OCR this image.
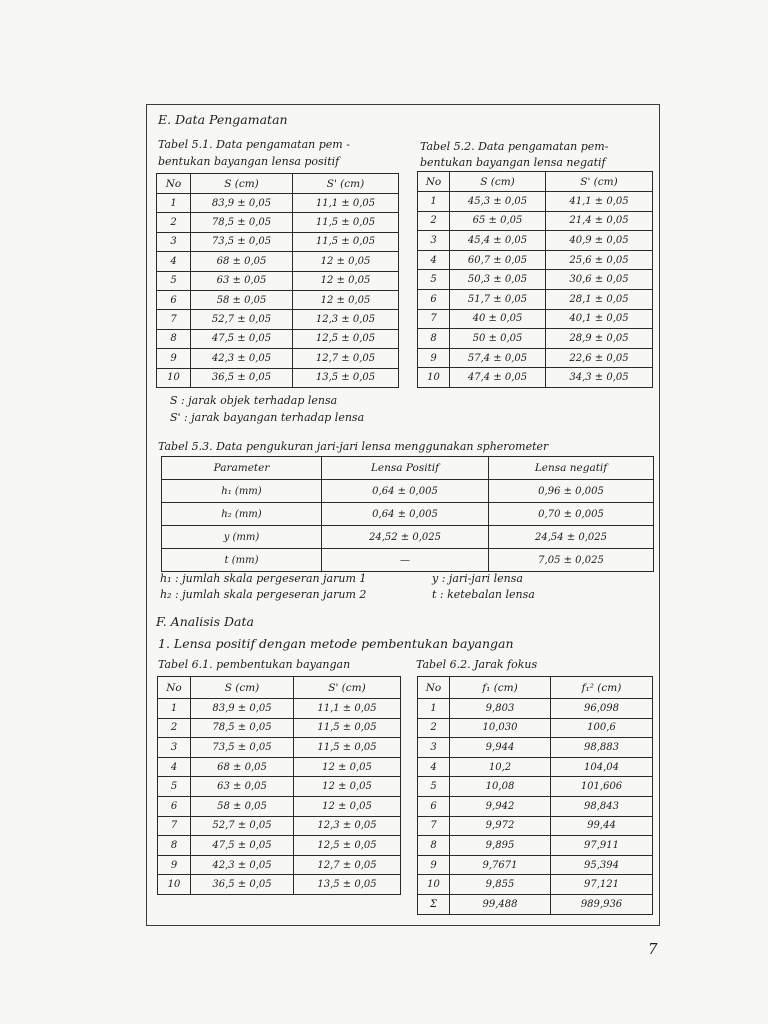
E. Data Pengamatan
Tabel 5.1. Data pengamatan pem -
bentukan bayangan lensa positif
Tabel 5.2. Data pengamatan pem-
bentukan bayangan lensa negatif
No	S (cm)	S' (cm)
1	83,9 ± 0,05	11,1 ± 0,05
2	78,5 ± 0,05	11,5 ± 0,05
3	73,5 ± 0,05	11,5 ± 0,05
4	68 ± 0,05	12 ± 0,05
5	63 ± 0,05	12 ± 0,05
6	58 ± 0,05	12 ± 0,05
7	52,7 ± 0,05	12,3 ± 0,05
8	47,5 ± 0,05	12,5 ± 0,05
9	42,3 ± 0,05	12,7 ± 0,05
10	36,5 ± 0,05	13,5 ± 0,05
No	S (cm)	S' (cm)
1	45,3 ± 0,05	41,1 ± 0,05
2	65 ± 0,05	21,4 ± 0,05
3	45,4 ± 0,05	40,9 ± 0,05
4	60,7 ± 0,05	25,6 ± 0,05
5	50,3 ± 0,05	30,6 ± 0,05
6	51,7 ± 0,05	28,1 ± 0,05
7	40 ± 0,05	40,1 ± 0,05
8	50 ± 0,05	28,9 ± 0,05
9	57,4 ± 0,05	22,6 ± 0,05
10	47,4 ± 0,05	34,3 ± 0,05
S : jarak objek terhadap lensa
S' : jarak bayangan terhadap lensa
Tabel 5.3. Data pengukuran jari-jari lensa menggunakan spherometer
Parameter	Lensa Positif	Lensa negatif
h₁ (mm)	0,64 ± 0,005	0,96 ± 0,005
h₂ (mm)	0,64 ± 0,005	0,70 ± 0,005
y (mm)	24,52 ± 0,025	24,54 ± 0,025
t (mm)	—	7,05 ± 0,025
h₁ : jumlah skala pergeseran jarum 1
h₂ : jumlah skala pergeseran jarum 2
y : jari-jari lensa
t : ketebalan lensa
F. Analisis Data
1. Lensa positif dengan metode pembentukan bayangan
Tabel 6.1. pembentukan bayangan	Tabel 6.2. Jarak fokus
No	S (cm)	S' (cm)
1	83,9 ± 0,05	11,1 ± 0,05
2	78,5 ± 0,05	11,5 ± 0,05
3	73,5 ± 0,05	11,5 ± 0,05
4	68 ± 0,05	12 ± 0,05
5	63 ± 0,05	12 ± 0,05
6	58 ± 0,05	12 ± 0,05
7	52,7 ± 0,05	12,3 ± 0,05
8	47,5 ± 0,05	12,5 ± 0,05
9	42,3 ± 0,05	12,7 ± 0,05
10	36,5 ± 0,05	13,5 ± 0,05
No	f₁ (cm)	f₁² (cm)
1	9,803	96,098
2	10,030	100,6
3	9,944	98,883
4	10,2	104,04
5	10,08	101,606
6	9,942	98,843
7	9,972	99,44
8	9,895	97,911
9	9,7671	95,394
10	9,855	97,121
Σ	99,488	989,936
7
